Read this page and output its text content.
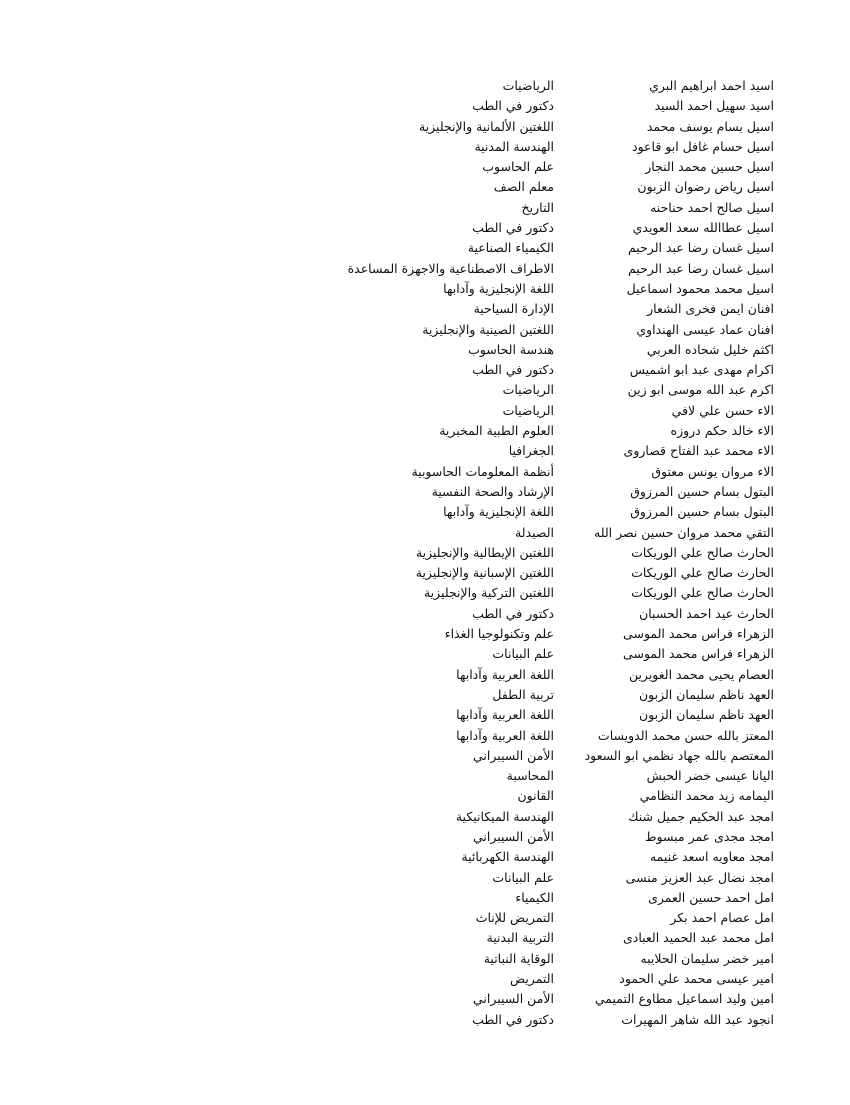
اسيد احمد ابراهيم البري
الرياضيات
اسيد سهيل احمد السيد
دكتور في الطب
اسيل بسام يوسف محمد
اللغتين الألمانية والإنجليزية
اسيل حسام غافل ابو قاعود
الهندسة المدنية
اسيل حسين محمد النجار
علم الحاسوب
اسيل رياض رضوان الزبون
معلم الصف
اسيل صالح احمد حناحنه
التاريخ
اسيل عطاالله سعد العويدي
دكتور في الطب
اسيل غسان رضا عبد الرحيم
الكيمياء الصناعية
اسيل غسان رضا عبد الرحيم
الاطراف الاصطناعية والاجهزة المساعدة
اسيل محمد محمود اسماعيل
اللغة الإنجليزية وآدابها
افنان ايمن فخرى الشعار
الإدارة السياحية
افنان عماد عيسى الهنداوي
اللغتين الصينية والإنجليزية
اكثم خليل شحاده العربي
هندسة الحاسوب
اكرام مهدى عبد ابو اشميس
دكتور في الطب
اكرم عبد الله موسى ابو زين
الرياضيات
الاء حسن علي لافي
الرياضيات
الاء خالد حكم دروزه
العلوم الطبية المخبرية
الاء محمد عبد الفتاح قصاروى
الجغرافيا
الاء مروان يونس معتوق
أنظمة المعلومات الحاسوبية
البتول بسام حسين المرزوق
الإرشاد والصحة النفسية
البتول بسام حسين المرزوق
اللغة الإنجليزية وآدابها
التقي محمد مروان حسين نصر الله
الصيدلة
الحارث صالح علي الوريكات
اللغتين الإيطالية والإنجليزية
الحارث صالح علي الوريكات
اللغتين الإسبانية والإنجليزية
الحارث صالح علي الوريكات
اللغتين التركية والإنجليزية
الحارث عيد احمد الحسبان
دكتور في الطب
الزهراء فراس محمد الموسى
علم وتكنولوجيا الغذاء
الزهراء فراس محمد الموسى
علم البيانات
العصام يحيى محمد الغويرين
اللغة العربية وآدابها
العهد ناظم سليمان الزبون
تربية الطفل
العهد ناظم سليمان الزبون
اللغة العربية وآدابها
المعتز بالله حسن محمد الدويسات
اللغة العربية وآدابها
المعتصم بالله جهاد نظمي ابو السعود
الأمن السيبراني
اليانا عيسى خضر الحبش
المحاسبة
اليمامه زيد محمد النظامي
القانون
امجد عبد الحكيم جميل شنك
الهندسة الميكانيكية
امجد مجدى عمر مبسوط
الأمن السيبراني
امجد معاويه اسعد غنيمه
الهندسة الكهربائية
امجد نضال عبد العزيز منسى
علم البيانات
امل احمد حسين العمرى
الكيمياء
امل عصام احمد بكر
التمريض للإناث
امل محمد عبد الحميد العبادى
التربية البدنية
امير خضر سليمان الحلايبه
الوقاية النباتية
امير عيسى محمد علي الحمود
التمريض
امين وليد اسماعيل مطاوع التميمي
الأمن السيبراني
انجود عبد الله شاهر المهيرات
دكتور في الطب
